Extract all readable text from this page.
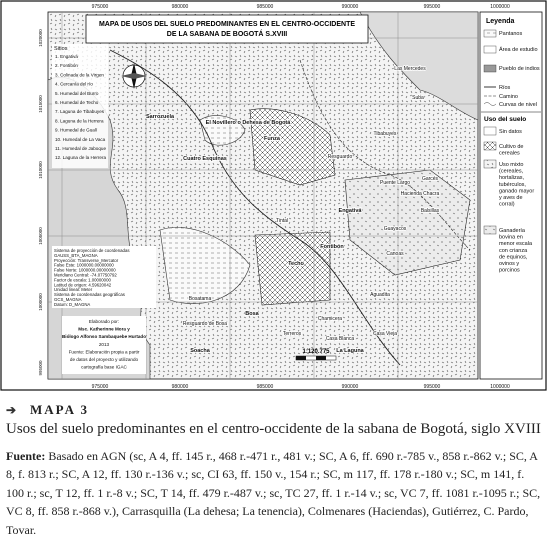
MAPA DE USOS DEL SUELO PREDOMINANTES EN EL CENTRO-OCCIDENTE
DE LA SABANA DE BOGOTÁ S.XVIII
Sitios
1. Engativá
2. Fontibón
3. Colinada de la Virgen
4. Cercanía del río
5. Humedal del Burro
6. Humedal de Techo
7. Laguna de Tibabuyes
8. Laguna de la Herrera
9. Humedal de Gualí
10. Humedal de La Vaca
11. Humedal de Jaboque
12. Laguna de la Herrera
Sistema de proyección de coordenadas
GAUSS_BTA_MAGNA
Proyección: Transverse_Mercator
False Este: 1000000.00000000
False Norte: 1000000.00000000
Meridiano Central: -74.07750792
Factor de escala: 1.00000000
Latitud de origen: 4.59620042
Unidad lineal: Meter
Sistema de coordenadas geográficas
GCS_MAGNA
Datum: D_MAGNA
Elaborado por:
Msc. Katherinne Mora y
Biólogo Alfonso Sambaquebe Hurtado
2013
Fuente: Elaboración propia a partir
de datos del proyecto y utilizando
cartografía base IGAC
1:120.775
Sarrozuela
El Novillero o Dehesa de Bogotá
Funza
Cuatro Esquinas
Engativá
Fontibón
Techo
Bosa
Soacha	La Laguna
Tibabuyes
Suba
Las Mercedes
Resguardo
Casa Blanca
Chamicera
Bosatama
Tintal
Casa Vieja
Canoas
Balsillas
Aguadita
Terreros
Resguardo de Bosa
Hacienda Chacra
Puente Largo
Garcés
Guayacos
975000	980000	985000	990000	995000	1000000
975000	980000	985000	990000	995000	1000000
1020000
1015000
1010000
1005000
1000000
995000
Leyenda
Pantanos
Área de estudio
Pueblo de indios
Ríos
Camino
Curvas de nivel
Uso del suelo
Sin datos
Cultivo de cereales
Uso mixto (cereales, hortalizas, tubérculos, ganado mayor y aves de corral)
Ganadería bovina en menor escala con crianza de equinos, ovinos y porcinos
➔	MAPA 3
Usos del suelo predominantes en el centro-occidente de la sabana de Bogotá, siglo XVIII

Fuente: Basado en AGN (sc, A 4, ff. 145 r., 468 r.-471 r., 481 v.; SC, A 6, ff. 690 r.-785 v., 858 r.-862 v.; SC, A 8, f. 813 r.; SC, A 12, ff. 130 r.-136 v.; sc, CI 63, ff. 150 v., 154 r.; SC, m 117, ff. 178 r.-180 v.; SC, m 141, f. 100 r.; sc, T 12, ff. 1 r.-8 v.; SC, T 14, ff. 479 r.-487 v.; sc, TC 27, ff. 1 r.-14 v.; sc, VC 7, ff. 1081 r.-1095 r.; SC, VC 8, ff. 858 r.-868 v.), Carrasquilla (La dehesa; La tenencia), Colmenares (Haciendas), Gutiérrez, C. Pardo, Tovar.
